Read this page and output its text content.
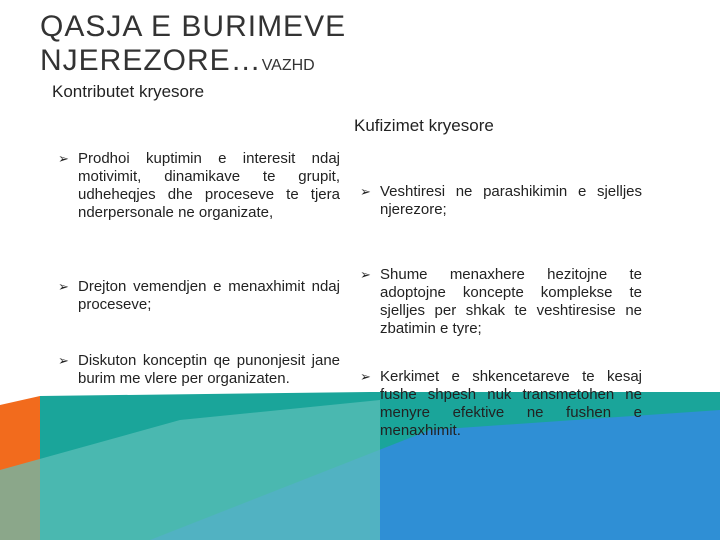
QASJA E BURIMEVE
NJEREZORE…VAZHD
Kontributet kryesore
Kufizimet kryesore
➢ Prodhoi kuptimin e interesit ndaj motivimit, dinamikave te grupit, udheheqjes dhe proceseve te tjera nderpersonale ne organizate,
➢ Drejton vemendjen e menaxhimit ndaj proceseve;
➢ Diskuton konceptin qe punonjesit jane burim me vlere per organizaten.
➢ Veshtiresi ne parashikimin e sjelljes njerezore;
➢ Shume menaxhere hezitojne te adoptojne koncepte komplekse te sjelljes per shkak te veshtiresise ne zbatimin e tyre;
➢ Kerkimet e shkencetareve te kesaj fushe shpesh nuk transmetohen ne menyre efektive ne fushen e menaxhimit.
